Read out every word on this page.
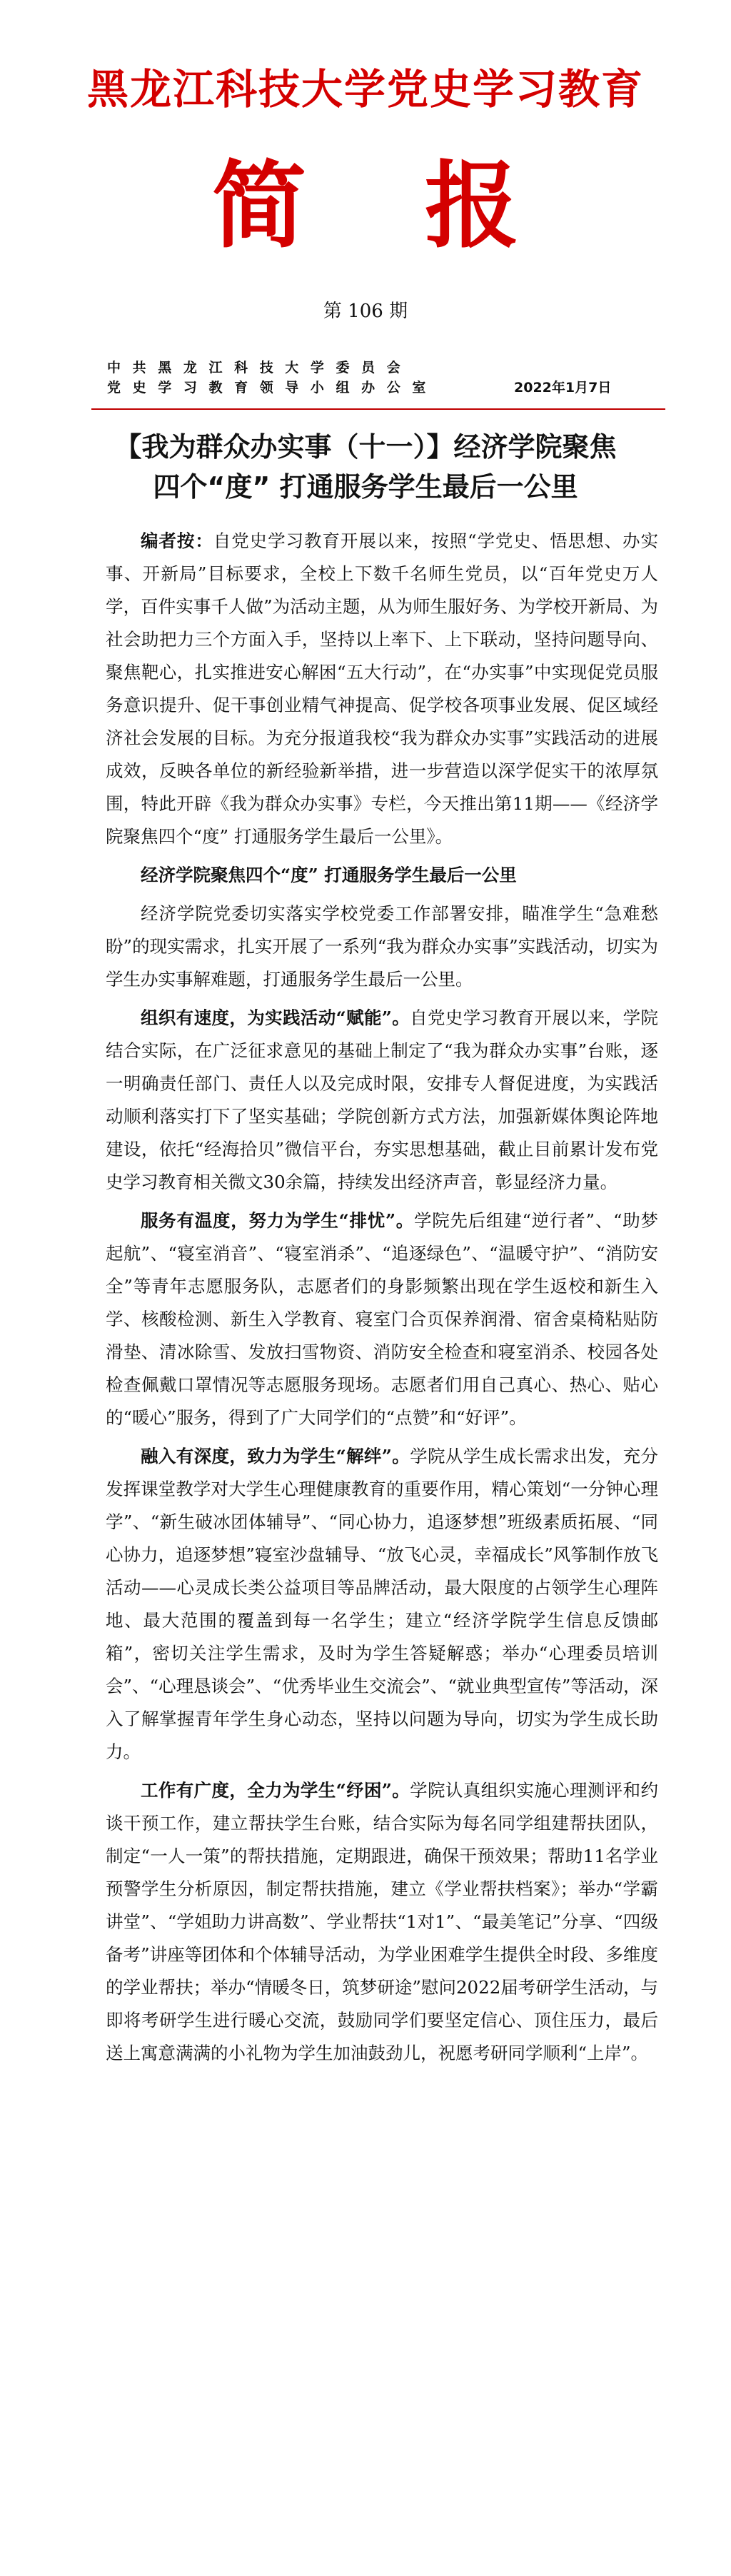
黑龙江科技大学党史学习教育
简 报
第 106 期
中 共 黑 龙 江 科 技 大 学 委 员 会
党 史 学 习 教 育 领 导 小 组 办 公 室	2022年1月7日
【我为群众办实事（十一）】经济学院聚焦
四个“度” 打通服务学生最后一公里

编者按：自党史学习教育开展以来，按照“学党史、悟思想、办实事、开新局”目标要求，全校上下数千名师生党员，以“百年党史万人学，百件实事千人做”为活动主题，从为师生服好务、为学校开新局、为社会助把力三个方面入手，坚持以上率下、上下联动，坚持问题导向、聚焦靶心，扎实推进安心解困“五大行动”，在“办实事”中实现促党员服务意识提升、促干事创业精气神提高、促学校各项事业发展、促区域经济社会发展的目标。为充分报道我校“我为群众办实事”实践活动的进展成效，反映各单位的新经验新举措，进一步营造以深学促实干的浓厚氛围，特此开辟《我为群众办实事》专栏，今天推出第11期——《经济学院聚焦四个“度” 打通服务学生最后一公里》。

经济学院聚焦四个“度” 打通服务学生最后一公里

经济学院党委切实落实学校党委工作部署安排，瞄准学生“急难愁盼”的现实需求，扎实开展了一系列“我为群众办实事”实践活动，切实为学生办实事解难题，打通服务学生最后一公里。

组织有速度，为实践活动“赋能”。自党史学习教育开展以来，学院结合实际，在广泛征求意见的基础上制定了“我为群众办实事”台账，逐一明确责任部门、责任人以及完成时限，安排专人督促进度，为实践活动顺利落实打下了坚实基础；学院创新方式方法，加强新媒体舆论阵地建设，依托“经海拾贝”微信平台，夯实思想基础，截止目前累计发布党史学习教育相关微文30余篇，持续发出经济声音，彰显经济力量。

服务有温度，努力为学生“排忧”。学院先后组建“逆行者”、“助梦起航”、“寝室消音”、“寝室消杀”、“追逐绿色”、“温暖守护”、“消防安全”等青年志愿服务队，志愿者们的身影频繁出现在学生返校和新生入学、核酸检测、新生入学教育、寝室门合页保养润滑、宿舍桌椅粘贴防滑垫、清冰除雪、发放扫雪物资、消防安全检查和寝室消杀、校园各处检查佩戴口罩情况等志愿服务现场。志愿者们用自己真心、热心、贴心的“暖心”服务，得到了广大同学们的“点赞”和“好评”。

融入有深度，致力为学生“解绊”。学院从学生成长需求出发，充分发挥课堂教学对大学生心理健康教育的重要作用，精心策划“一分钟心理学”、“新生破冰团体辅导”、“同心协力，追逐梦想”班级素质拓展、“同心协力，追逐梦想”寝室沙盘辅导、“放飞心灵，幸福成长”风筝制作放飞活动——心灵成长类公益项目等品牌活动，最大限度的占领学生心理阵地、最大范围的覆盖到每一名学生；建立“经济学院学生信息反馈邮箱”，密切关注学生需求，及时为学生答疑解惑；举办“心理委员培训会”、“心理恳谈会”、“优秀毕业生交流会”、“就业典型宣传”等活动，深入了解掌握青年学生身心动态，坚持以问题为导向，切实为学生成长助力。

工作有广度，全力为学生“纾困”。学院认真组织实施心理测评和约谈干预工作，建立帮扶学生台账，结合实际为每名同学组建帮扶团队，制定“一人一策”的帮扶措施，定期跟进，确保干预效果；帮助11名学业预警学生分析原因，制定帮扶措施，建立《学业帮扶档案》；举办“学霸讲堂”、“学姐助力讲高数”、学业帮扶“1对1”、“最美笔记”分享、“四级备考”讲座等团体和个体辅导活动，为学业困难学生提供全时段、多维度的学业帮扶；举办“情暖冬日，筑梦研途”慰问2022届考研学生活动，与即将考研学生进行暖心交流，鼓励同学们要坚定信心、顶住压力，最后送上寓意满满的小礼物为学生加油鼓劲儿，祝愿考研同学顺利“上岸”。
